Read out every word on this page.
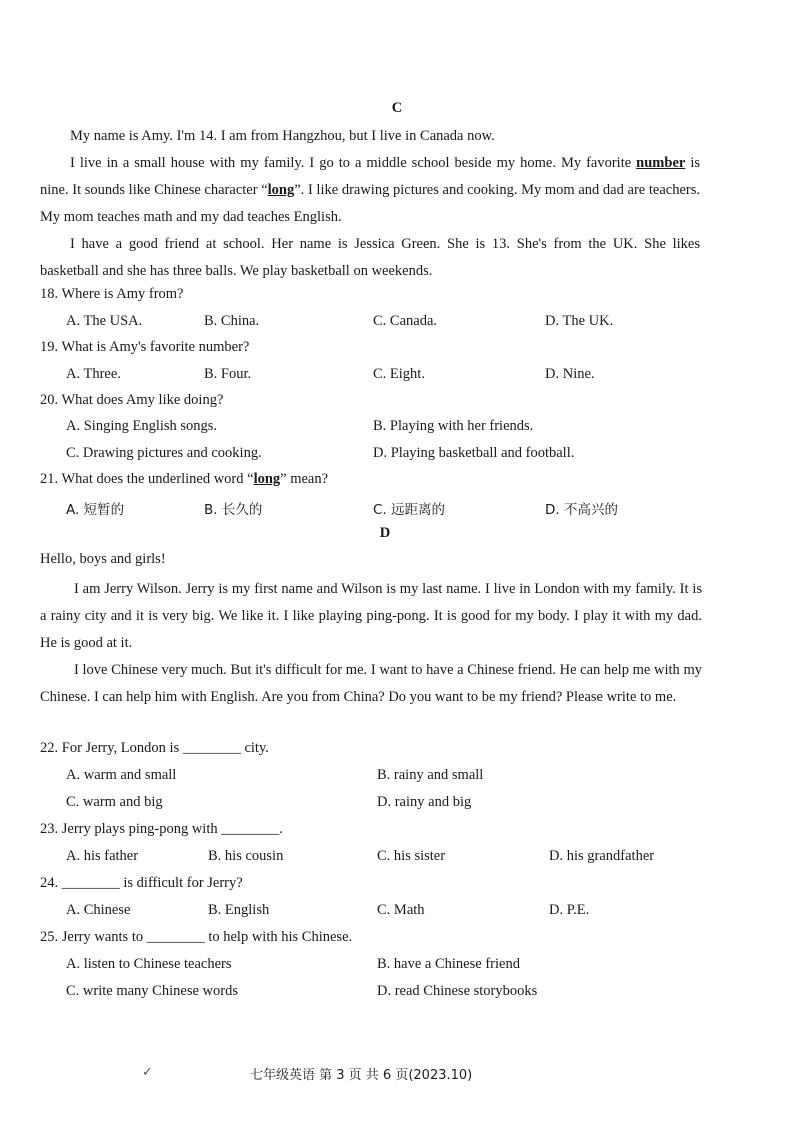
C
My name is Amy. I'm 14. I am from Hangzhou, but I live in Canada now.
I live in a small house with my family. I go to a middle school beside my home. My favorite number is nine. It sounds like Chinese character “long”. I like drawing pictures and cooking. My mom and dad are teachers. My mom teaches math and my dad teaches English.
I have a good friend at school. Her name is Jessica Green. She is 13. She's from the UK. She likes basketball and she has three balls. We play basketball on weekends.
18. Where is Amy from?
A. The USA.	B. China.	C. Canada.	D. The UK.
19. What is Amy's favorite number?
A. Three.	B. Four.	C. Eight.	D. Nine.
20. What does Amy like doing?
A. Singing English songs.	B. Playing with her friends.
C. Drawing pictures and cooking.	D. Playing basketball and football.
21. What does the underlined word “long” mean?
A. 短暂的	B. 长久的	C. 远距离的	D. 不高兴的
D
Hello, boys and girls!
I am Jerry Wilson. Jerry is my first name and Wilson is my last name. I live in London with my family. It is a rainy city and it is very big. We like it. I like playing ping-pong. It is good for my body. I play it with my dad. He is good at it.
I love Chinese very much. But it's difficult for me. I want to have a Chinese friend. He can help me with my Chinese. I can help him with English. Are you from China? Do you want to be my friend? Please write to me.
22. For Jerry, London is ________ city.
A. warm and small	B. rainy and small
C. warm and big	D. rainy and big
23. Jerry plays ping-pong with ________.
A. his father	B. his cousin	C. his sister	D. his grandfather
24. ________ is difficult for Jerry?
A. Chinese	B. English	C. Math	D. P.E.
25. Jerry wants to ________ to help with his Chinese.
A. listen to Chinese teachers	B. have a Chinese friend
C. write many Chinese words	D. read Chinese storybooks
✓	七年级英语 第 3 页 共 6 页(2023.10)
